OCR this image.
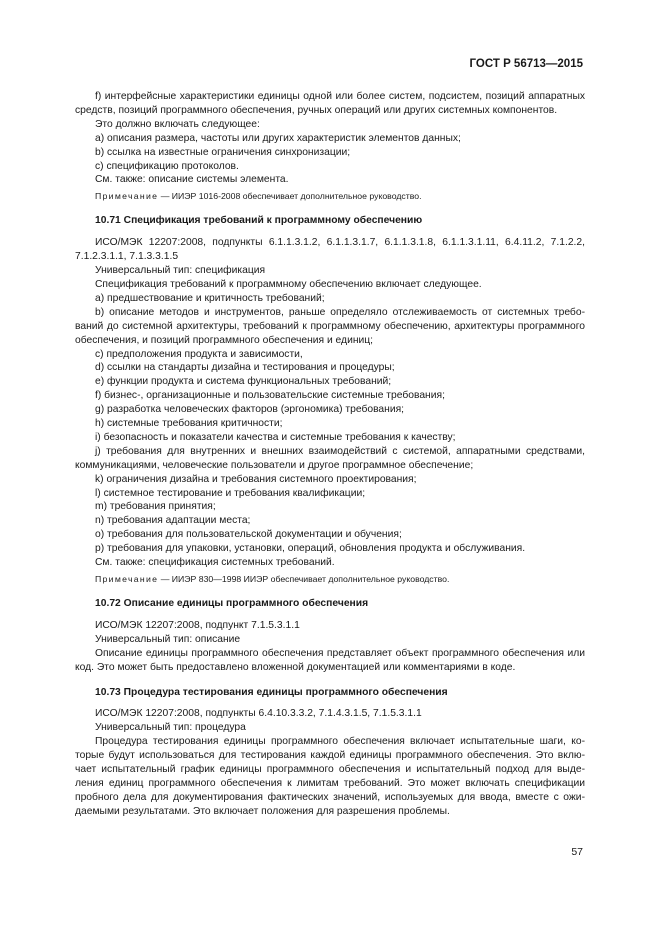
ГОСТ Р 56713—2015

f) интерфейсные характеристики единицы одной или более систем, подсистем, позиций аппаратных средств, позиций программного обеспечения, ручных операций или других системных компонентов.

Это должно включать следующее:

a) описания размера, частоты или других характеристик элементов данных;

b) ссылка на известные ограничения синхронизации;

c) спецификацию протоколов.

См. также: описание системы элемента.

Примечание — ИИЭР 1016-2008 обеспечивает дополнительное руководство.

10.71 Спецификация требований к программному обеспечению

ИСО/МЭК 12207:2008, подпункты 6.1.1.3.1.2, 6.1.1.3.1.7, 6.1.1.3.1.8, 6.1.1.3.1.11, 6.4.11.2, 7.1.2.2, 7.1.2.3.1.1, 7.1.3.3.1.5

Универсальный тип: спецификация

Спецификация требований к программному обеспечению включает следующее.

a) предшествование и критичность требований;

b) описание методов и инструментов, раньше определяло отслеживаемость от системных требований до системной архитектуры, требований к программному обеспечению, архитектуры программного обеспечения, и позиций программного обеспечения и единиц;

c) предположения продукта и зависимости,

d) ссылки на стандарты дизайна и тестирования и процедуры;

e) функции продукта и система функциональных требований;

f) бизнес-, организационные и пользовательские системные требования;

g) разработка человеческих факторов (эргономика) требования;

h) системные требования критичности;

i) безопасность и показатели качества и системные требования к качеству;

j) требования для внутренних и внешних взаимодействий с системой, аппаратными средствами, коммуникациями, человеческие пользователи и другое программное обеспечение;

k) ограничения дизайна и требования системного проектирования;

l) системное тестирование и требования квалификации;

m) требования принятия;

n) требования адаптации места;

o) требования для пользовательской документации и обучения;

p) требования для упаковки, установки, операций, обновления продукта и обслуживания.

См. также: спецификация системных требований.

Примечание — ИИЭР 830—1998 ИИЭР обеспечивает дополнительное руководство.

10.72 Описание единицы программного обеспечения

ИСО/МЭК 12207:2008, подпункт 7.1.5.3.1.1

Универсальный тип: описание

Описание единицы программного обеспечения представляет объект программного обеспечения или код. Это может быть предоставлено вложенной документацией или комментариями в коде.

10.73 Процедура тестирования единицы программного обеспечения

ИСО/МЭК 12207:2008, подпункты 6.4.10.3.3.2, 7.1.4.3.1.5, 7.1.5.3.1.1

Универсальный тип: процедура

Процедура тестирования единицы программного обеспечения включает испытательные шаги, которые будут использоваться для тестирования каждой единицы программного обеспечения. Это включает испытательный график единицы программного обеспечения и испытательный подход для выделения единиц программного обеспечения к лимитам требований. Это может включать спецификации пробного дела для документирования фактических значений, используемых для ввода, вместе с ожидаемыми результатами. Это включает положения для разрешения проблемы.

57
